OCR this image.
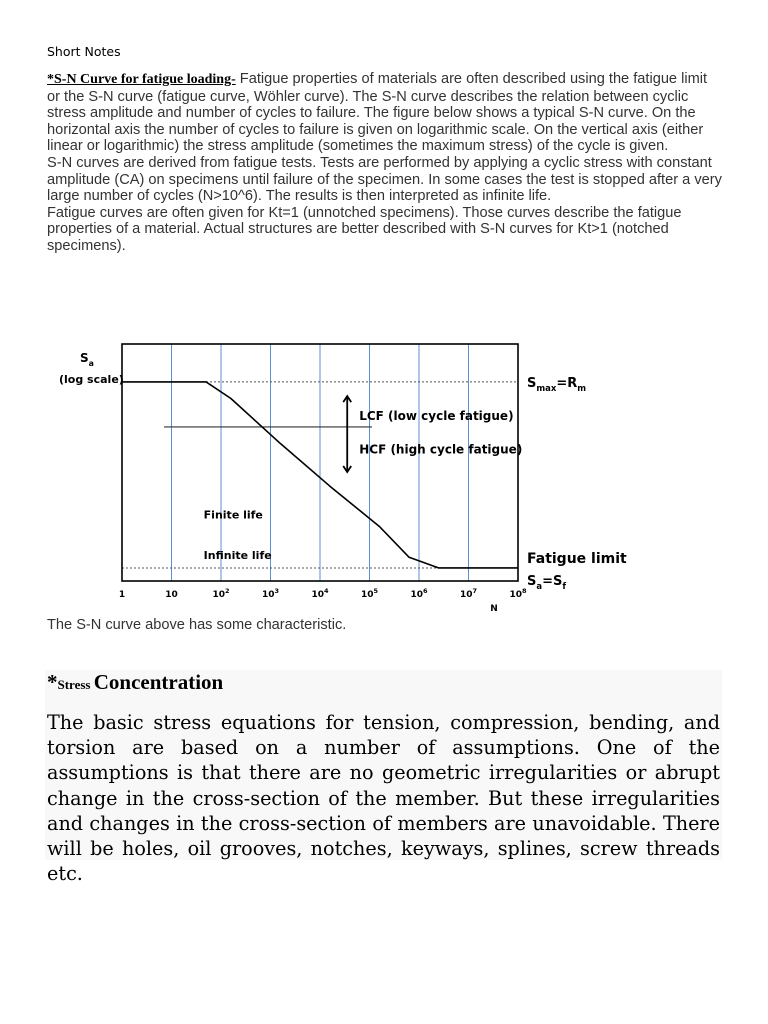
Short Notes

*S-N Curve for fatigue loading- Fatigue properties of materials are often described using the fatigue limit or the S-N curve (fatigue curve, Wöhler curve). The S-N curve describes the relation between cyclic stress amplitude and number of cycles to failure. The figure below shows a typical S-N curve. On the horizontal axis the number of cycles to failure is given on logarithmic scale. On the vertical axis (either linear or logarithmic) the stress amplitude (sometimes the maximum stress) of the cycle is given.

S-N curves are derived from fatigue tests. Tests are performed by applying a cyclic stress with constant amplitude (CA) on specimens until failure of the specimen. In some cases the test is stopped after a very large number of cycles (N>10^6). The results is then interpreted as infinite life.

Fatigue curves are often given for Kt=1 (unnotched specimens). Those curves describe the fatigue properties of a material. Actual structures are better described with S-N curves for Kt>1 (notched specimens).

$S_a$
(log scale)
LCF (low cycle fatigue)
HCF (high cycle fatigue)
Finite life
Infinite life
$S_{max}=R_m$
Fatigue limit
$S_a=S_f$
1	10	$10^2$	$10^3$	$10^4$	$10^5$	$10^6$	$10^7$	$10^8$
N
The S-N curve above has some characteristic.
*Stress Concentration

The basic stress equations for tension, compression, bending, and torsion are based on a number of assumptions. One of the assumptions is that there are no geometric irregularities or abrupt change in the cross-section of the member. But these irregularities and changes in the cross-section of members are unavoidable. There will be holes, oil grooves, notches, keyways, splines, screw threads etc.
